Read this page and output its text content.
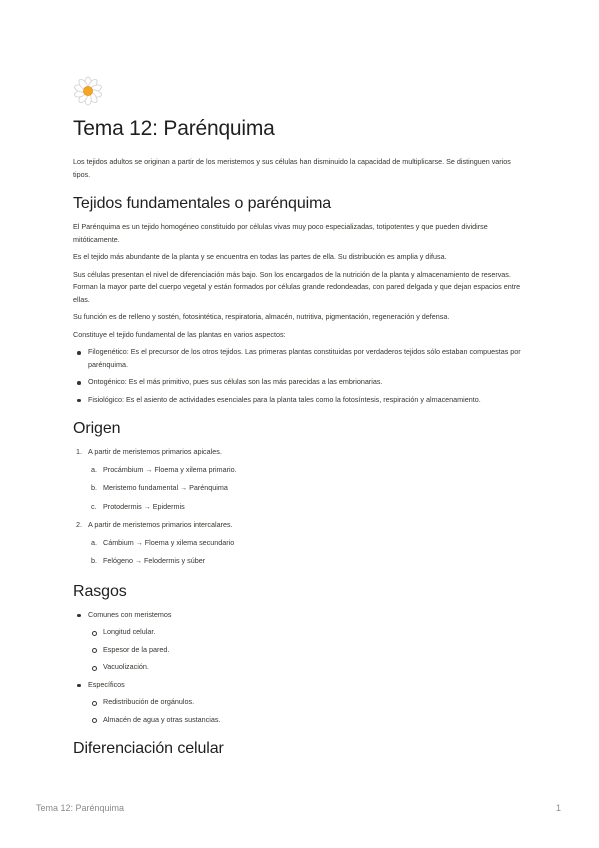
Tema 12: Parénquima

Los tejidos adultos se originan a partir de los meristemos y sus células han disminuido la capacidad de multiplicarse. Se distinguen varios tipos.

Tejidos fundamentales o parénquima

El Parénquima es un tejido homogéneo constituido por células vivas muy poco especializadas, totipotentes y que pueden dividirse mitóticamente.

Es el tejido más abundante de la planta y se encuentra en todas las partes de ella. Su distribución es amplia y difusa.

Sus células presentan el nivel de diferenciación más bajo. Son los encargados de la nutrición de la planta y almacenamiento de reservas. Forman la mayor parte del cuerpo vegetal y están formados por células grande redondeadas, con pared delgada y que dejan espacios entre ellas.

Su función es de relleno y sostén, fotosintética, respiratoria, almacén, nutritiva, pigmentación, regeneración y defensa.

Constituye el tejido fundamental de las plantas en varios aspectos:

Filogenético: Es el precursor de los otros tejidos. Las primeras plantas constituidas por verdaderos tejidos sólo estaban compuestas por parénquima.
Ontogénico: Es el más primitivo, pues sus células son las más parecidas a las embrionarias.
Fisiológico: Es el asiento de actividades esenciales para la planta tales como la fotosíntesis, respiración y almacenamiento.
Origen
1. A partir de meristemos primarios apicales.
a. Procámbium → Floema y xilema primario.
b. Meristemo fundamental → Parénquima
c. Protodermis → Epidermis
2. A partir de meristemos primarios intercalares.
a. Cámbium → Floema y xilema secundario
b. Felógeno → Felodermis y súber
Rasgos
Comunes con meristemos
Longitud celular.
Espesor de la pared.
Vacuolización.
Específicos
Redistribución de orgánulos.
Almacén de agua y otras sustancias.
Diferenciación celular
Tema 12: Parénquima	1
